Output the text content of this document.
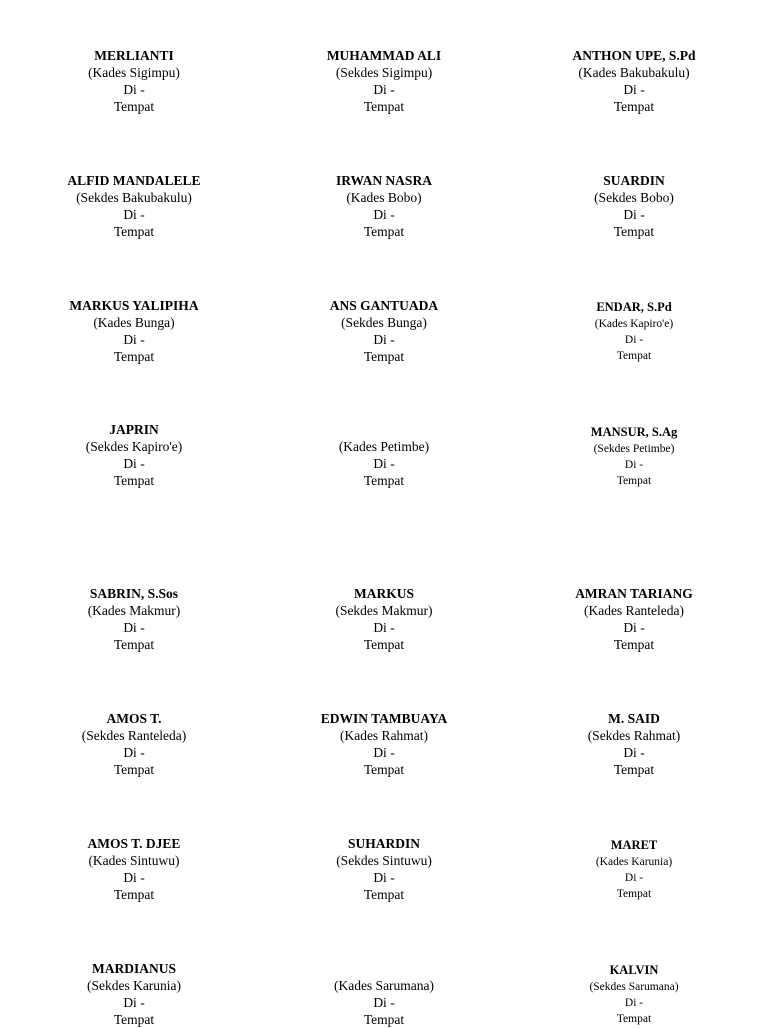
MERLIANTI
(Kades Sigimpu)
Di -
Tempat
MUHAMMAD ALI
(Sekdes Sigimpu)
Di -
Tempat
ANTHON UPE, S.Pd
(Kades Bakubakulu)
Di -
Tempat
ALFID MANDALELE
(Sekdes Bakubakulu)
Di -
Tempat
IRWAN NASRA
(Kades Bobo)
Di -
Tempat
SUARDIN
(Sekdes Bobo)
Di -
Tempat
MARKUS YALIPIHA
(Kades Bunga)
Di -
Tempat
ANS GANTUADA
(Sekdes Bunga)
Di -
Tempat
ENDAR, S.Pd
(Kades Kapiro'e)
Di -
Tempat
JAPRIN
(Sekdes Kapiro'e)
Di -
Tempat
(Kades Petimbe)
Di -
Tempat
MANSUR, S.Ag
(Sekdes Petimbe)
Di -
Tempat
SABRIN, S.Sos
(Kades Makmur)
Di -
Tempat
MARKUS
(Sekdes Makmur)
Di -
Tempat
AMRAN TARIANG
(Kades Ranteleda)
Di -
Tempat
AMOS T.
(Sekdes Ranteleda)
Di -
Tempat
EDWIN TAMBUAYA
(Kades Rahmat)
Di -
Tempat
M. SAID
(Sekdes Rahmat)
Di -
Tempat
AMOS T. DJEE
(Kades Sintuwu)
Di -
Tempat
SUHARDIN
(Sekdes Sintuwu)
Di -
Tempat
MARET
(Kades Karunia)
Di -
Tempat
MARDIANUS
(Sekdes Karunia)
Di -
Tempat
(Kades Sarumana)
Di -
Tempat
KALVIN
(Sekdes Sarumana)
Di -
Tempat
